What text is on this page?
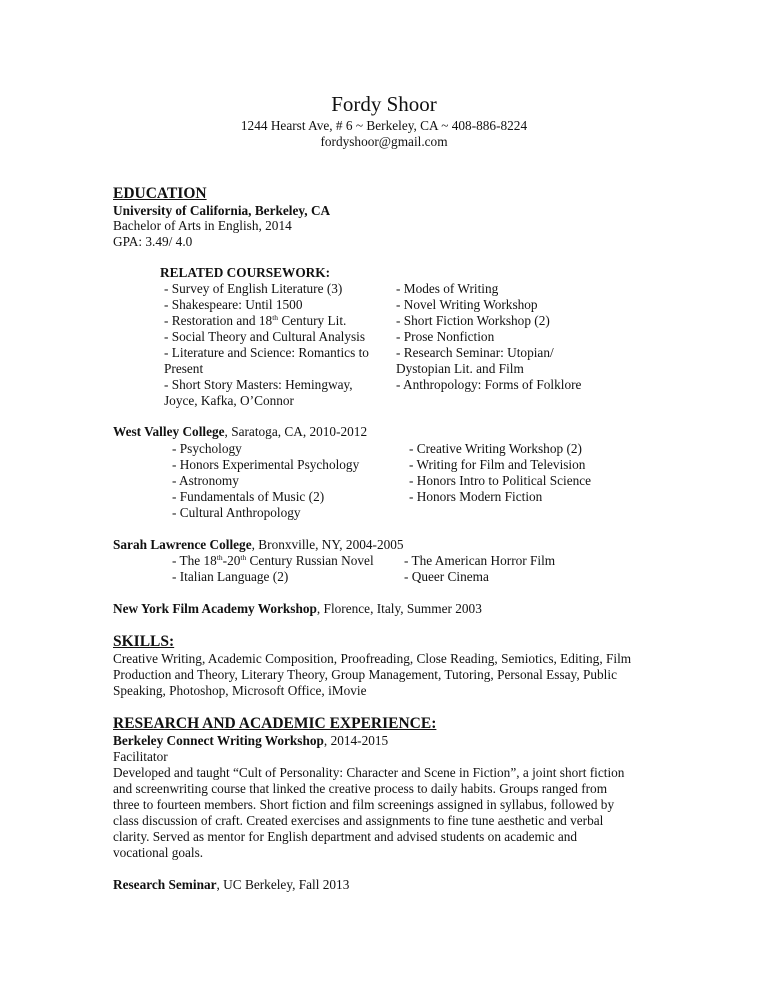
Fordy Shoor
1244 Hearst Ave, # 6 ~ Berkeley, CA ~ 408-886-8224
fordyshoor@gmail.com
EDUCATION
University of California, Berkeley, CA
Bachelor of Arts in English, 2014
GPA: 3.49/ 4.0
RELATED COURSEWORK:
- Survey of English Literature (3)
- Shakespeare: Until 1500
- Restoration and 18th Century Lit.
- Social Theory and Cultural Analysis
- Literature and Science: Romantics to
Present
- Short Story Masters: Hemingway,
Joyce, Kafka, O’Connor
- Modes of Writing
- Novel Writing Workshop
- Short Fiction Workshop (2)
- Prose Nonfiction
- Research Seminar: Utopian/
Dystopian Lit. and Film
- Anthropology: Forms of Folklore
West Valley College, Saratoga, CA, 2010-2012
- Psychology
- Honors Experimental Psychology
- Astronomy
- Fundamentals of Music (2)
- Cultural Anthropology
- Creative Writing Workshop (2)
- Writing for Film and Television
- Honors Intro to Political Science
- Honors Modern Fiction
Sarah Lawrence College, Bronxville, NY, 2004-2005
- The 18th-20th Century Russian Novel
- Italian Language (2)
- The American Horror Film
- Queer Cinema
New York Film Academy Workshop, Florence, Italy, Summer 2003
SKILLS:
Creative Writing, Academic Composition, Proofreading, Close Reading, Semiotics, Editing, Film
Production and Theory, Literary Theory, Group Management, Tutoring, Personal Essay, Public
Speaking, Photoshop, Microsoft Office, iMovie
RESEARCH AND ACADEMIC EXPERIENCE:
Berkeley Connect Writing Workshop, 2014-2015
Facilitator
Developed and taught “Cult of Personality: Character and Scene in Fiction”, a joint short fiction
and screenwriting course that linked the creative process to daily habits. Groups ranged from
three to fourteen members. Short fiction and film screenings assigned in syllabus, followed by
class discussion of craft. Created exercises and assignments to fine tune aesthetic and verbal
clarity. Served as mentor for English department and advised students on academic and
vocational goals.
Research Seminar, UC Berkeley, Fall 2013
